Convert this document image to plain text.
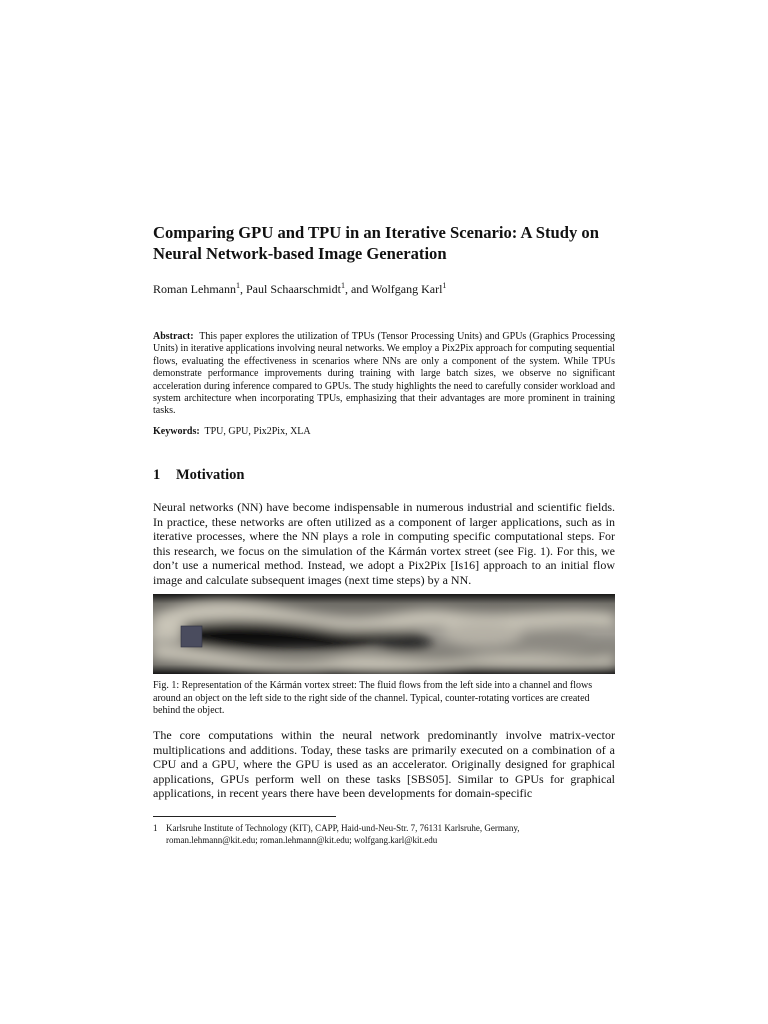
Comparing GPU and TPU in an Iterative Scenario: A Study on Neural Network-based Image Generation
Roman Lehmann$^1$, Paul Schaarschmidt$^1$, and Wolfgang Karl$^1$
Abstract: This paper explores the utilization of TPUs (Tensor Processing Units) and GPUs (Graphics Processing Units) in iterative applications involving neural networks. We employ a Pix2Pix approach for computing sequential flows, evaluating the effectiveness in scenarios where NNs are only a component of the system. While TPUs demonstrate performance improvements during training with large batch sizes, we observe no significant acceleration during inference compared to GPUs. The study highlights the need to carefully consider workload and system architecture when incorporating TPUs, emphasizing that their advantages are more prominent in training tasks.
Keywords: TPU, GPU, Pix2Pix, XLA
1 Motivation

Neural networks (NN) have become indispensable in numerous industrial and scientific fields. In practice, these networks are often utilized as a component of larger applications, such as in iterative processes, where the NN plays a role in computing specific computational steps. For this research, we focus on the simulation of the Kármán vortex street (see Fig. 1). For this, we don’t use a numerical method. Instead, we adopt a Pix2Pix [Is16] approach to an initial flow image and calculate subsequent images (next time steps) by a NN.

Fig. 1: Representation of the Kármán vortex street: The fluid flows from the left side into a channel and flows around an object on the left side to the right side of the channel. Typical, counter-rotating vortices are created behind the object.

The core computations within the neural network predominantly involve matrix-vector multiplications and additions. Today, these tasks are primarily executed on a combination of a CPU and a GPU, where the GPU is used as an accelerator. Originally designed for graphical applications, GPUs perform well on these tasks [SBS05]. Similar to GPUs for graphical applications, in recent years there have been developments for domain-specific

1 Karlsruhe Institute of Technology (KIT), CAPP, Haid-und-Neu-Str. 7, 76131 Karlsruhe, Germany,
roman.lehmann@kit.edu; roman.lehmann@kit.edu; wolfgang.karl@kit.edu
